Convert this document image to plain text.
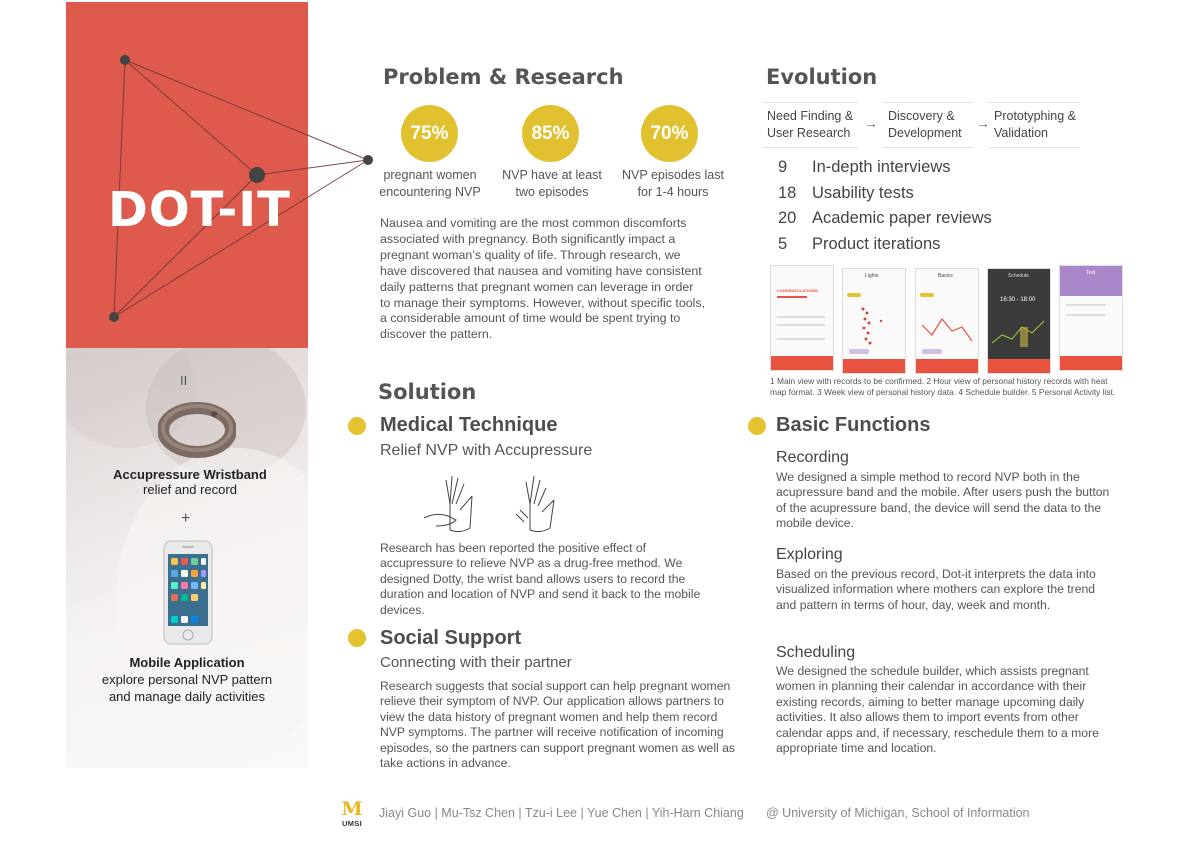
DOT-IT
II
Accupressure Wristband
relief and record
+
Mobile Application
explore personal NVP pattern
and manage daily activities
Problem & Research
75%	85%	70%
pregnant women
encountering NVP
NVP have at least
two episodes
NVP episodes last
for 1-4 hours
Nausea and vomiting are the most common discomforts associated with pregnancy. Both significantly impact a pregnant woman’s quality of life. Through research, we have discovered that nausea and vomiting have consistent daily patterns that pregnant women can leverage in order to manage their symptoms. However, without specific tools, a considerable amount of time would be spent trying to discover the pattern.
Evolution
Need Finding &
User Research
→ Discovery &
Development
→ Prototyphing &
Validation
9 In-depth interviews
18 Usability tests
20 Academic paper reviews
5 Product iterations
CONGRATULATIONS!
Lights	Basics	Schedule
16:30 - 18:00
Test
1 Main view with records to be confirmed. 2 Hour view of personal history records with heat map format. 3 Week view of personal history data. 4 Schedule builder. 5 Personal Activity list.
Solution
Medical Technique
Relief NVP with Accupressure
Research has been reported the positive effect of accupressure to relieve NVP as a drug-free method. We designed Dotty, the wrist band allows users to record the duration and location of NVP and send it back to the mobile devices.
Social Support
Connecting with their partner
Research suggests that social support can help pregnant women relieve their symptom of NVP. Our application allows partners to view the data history of pregnant women and help them record NVP symptoms. The partner will receive notification of incoming episodes, so the partners can support pregnant women as well as take actions in advance.
Basic Functions
Recording
We designed a simple method to record NVP both in the acupressure band and the mobile. After users push the button of the acupressure band, the device will send the data to the mobile device.
Exploring
Based on the previous record, Dot-it interprets the data into visualized information where mothers can explore the trend and pattern in terms of hour, day, week and month.
Scheduling
We designed the schedule builder, which assists pregnant women in planning their calendar in accordance with their existing records, aiming to better manage upcoming daily activities. It also allows them to import events from other calendar apps and, if necessary, reschedule them to a more appropriate time and location.
M
UMSI
Jiayi Guo | Mu-Tsz Chen | Tzu-i Lee | Yue Chen | Yih-Harn Chiang @ University of Michigan, School of Information
